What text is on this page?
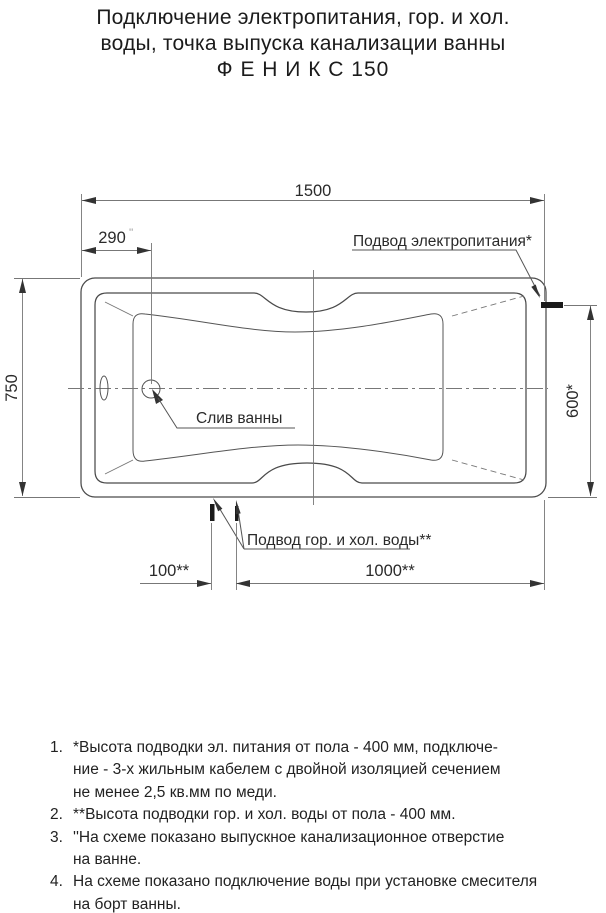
Подключение электропитания, гор. и хол.
воды, точка выпуска канализации ванны
Ф Е Н И К С 150
Слив ванны
Подвод электропитания*
Подвод гор. и хол. воды**
1500
290 ''
750	600*
100**	1000**
1. *Высота подводки эл. питания от пола - 400 мм, подключе-
ние - 3-х жильным кабелем с двойной изоляцией сечением
не менее 2,5 кв.мм по меди.
2. **Высота подводки гор. и хол. воды от пола - 400 мм.
3. ''На схеме показано выпускное канализационное отверстие
на ванне.
4. На схеме показано подключение воды при установке смесителя
на борт ванны.
